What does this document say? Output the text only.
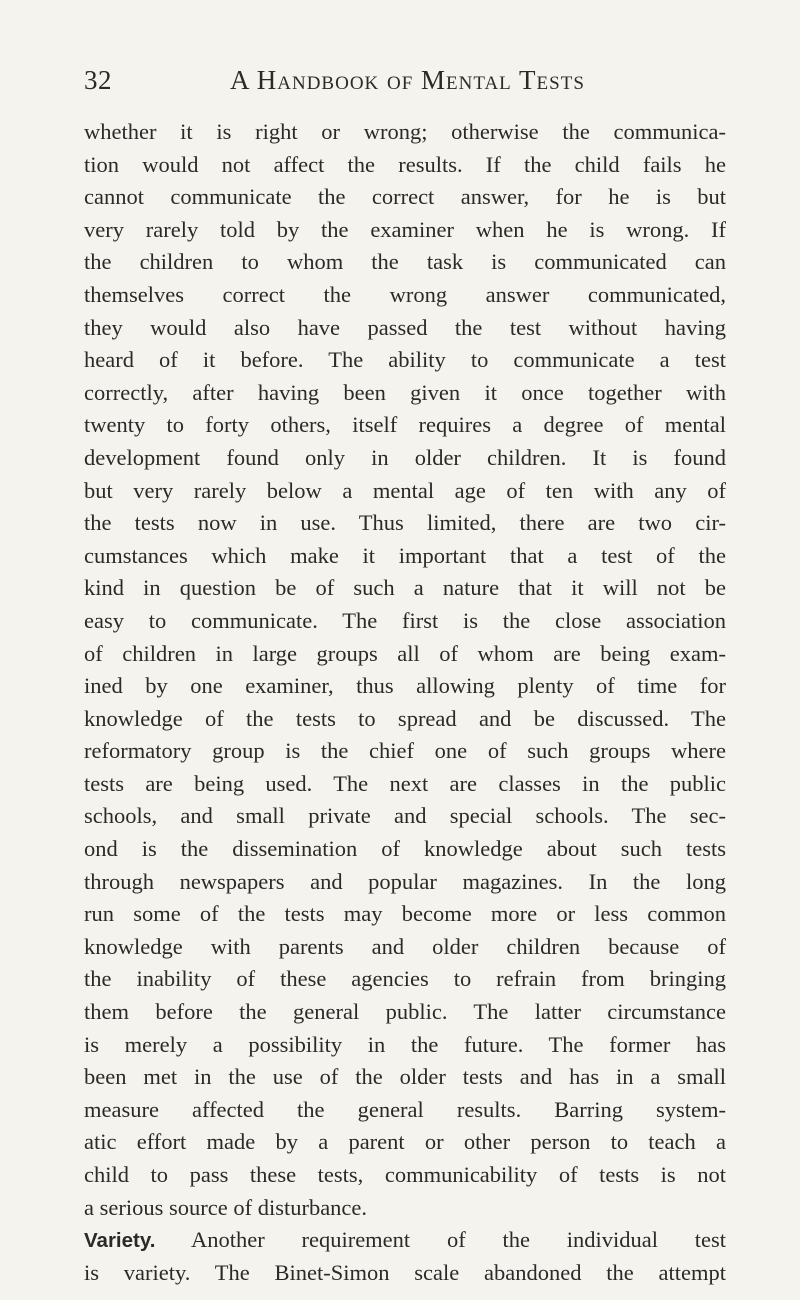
32	A Handbook of Mental Tests
whether it is right or wrong; otherwise the communica-
tion would not affect the results. If the child fails he
cannot communicate the correct answer, for he is but
very rarely told by the examiner when he is wrong. If
the children to whom the task is communicated can
themselves correct the wrong answer communicated,
they would also have passed the test without having
heard of it before. The ability to communicate a test
correctly, after having been given it once together with
twenty to forty others, itself requires a degree of mental
development found only in older children. It is found
but very rarely below a mental age of ten with any of
the tests now in use. Thus limited, there are two cir-
cumstances which make it important that a test of the
kind in question be of such a nature that it will not be
easy to communicate. The first is the close association
of children in large groups all of whom are being exam-
ined by one examiner, thus allowing plenty of time for
knowledge of the tests to spread and be discussed. The
reformatory group is the chief one of such groups where
tests are being used. The next are classes in the public
schools, and small private and special schools. The sec-
ond is the dissemination of knowledge about such tests
through newspapers and popular magazines. In the long
run some of the tests may become more or less common
knowledge with parents and older children because of
the inability of these agencies to refrain from bringing
them before the general public. The latter circumstance
is merely a possibility in the future. The former has
been met in the use of the older tests and has in a small
measure affected the general results. Barring system-
atic effort made by a parent or other person to teach a
child to pass these tests, communicability of tests is not
a serious source of disturbance.
Variety. Another requirement of the individual test
is variety. The Binet-Simon scale abandoned the attempt
